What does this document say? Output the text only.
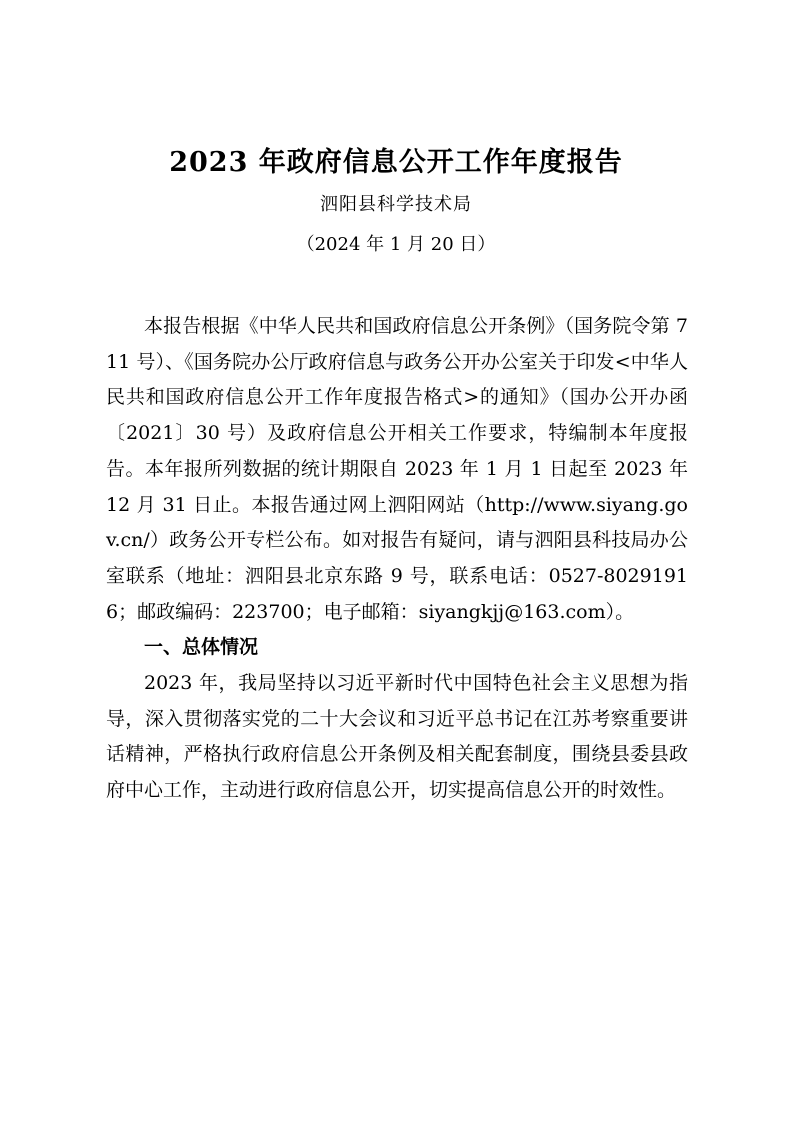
2023 年政府信息公开工作年度报告
泗阳县科学技术局
（2024 年 1 月 20 日）

本报告根据《中华人民共和国政府信息公开条例》（国务院令第 711 号）、《国务院办公厅政府信息与政务公开办公室关于印发<中华人民共和国政府信息公开工作年度报告格式>的通知》（国办公开办函〔2021〕30 号）及政府信息公开相关工作要求，特编制本年度报告。本年报所列数据的统计期限自 2023 年 1 月 1 日起至 2023 年 12 月 31 日止。本报告通过网上泗阳网站（http://www.siyang.gov.cn/）政务公开专栏公布。如对报告有疑问，请与泗阳县科技局办公室联系（地址：泗阳县北京东路 9 号，联系电话：0527-80291916；邮政编码：223700；电子邮箱：siyangkjj@163.com）。

一、总体情况

2023 年，我局坚持以习近平新时代中国特色社会主义思想为指导，深入贯彻落实党的二十大会议和习近平总书记在江苏考察重要讲话精神，严格执行政府信息公开条例及相关配套制度，围绕县委县政府中心工作，主动进行政府信息公开，切实提高信息公开的时效性。
